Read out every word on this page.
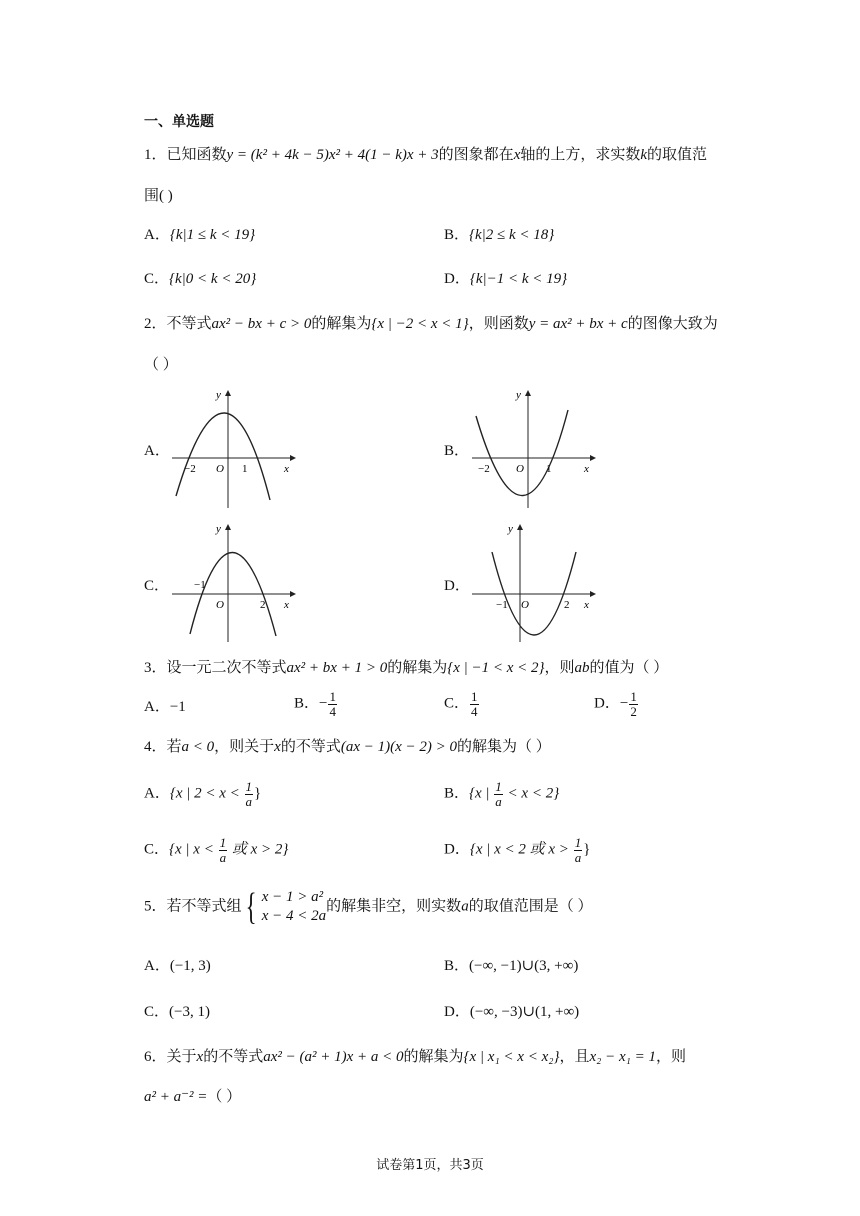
一、单选题
1．已知函数y = (k² + 4k − 5)x² + 4(1 − k)x + 3的图象都在x轴的上方，求实数k的取值范
围( )
A．{k|1 ≤ k < 19}	B．{k|2 ≤ k < 18}
C．{k|0 < k < 20}	D．{k|−1 < k < 19}
2．不等式ax² − bx + c > 0的解集为{x | −2 < x < 1}，则函数y = ax² + bx + c的图像大致为
（ ）
A．
y
x
O
−2	1
B．
y
x
O
−2	1
C．
y
x
O
−1
2
D．
y
x
O
−1	2
3．设一元二次不等式ax² + bx + 1 > 0的解集为{x | −1 < x < 2}，则ab的值为（ ）
A．−1	B．− $\frac{1}{4}$	C． $\frac{1}{4}$	D．− $\frac{1}{2}$
4．若a < 0，则关于x的不等式(ax − 1)(x − 2) > 0的解集为（ ）
A．{x | $2 < x < \frac{1}{a}$ }	B．{x | $\frac{1}{a} < x < 2$}
C．{x | $x < \frac{1}{a}$ 或 x > 2}	D．{x | x < 2 或 $x > \frac{1}{a}$ }
5．若不等式组 { x − 1 > a²
x − 4 < 2a
的解集非空，则实数a的取值范围是（ ）
A．(−1, 3)	B．(−∞, −1)∪(3, +∞)
C．(−3, 1)	D．(−∞, −3)∪(1, +∞)
6．关于x的不等式ax² − (a² + 1)x + a < 0的解集为{x | x₁ < x < x₂}，且x₂ − x₁ = 1，则
a² + a⁻² =（ ）
试卷第1页，共3页
